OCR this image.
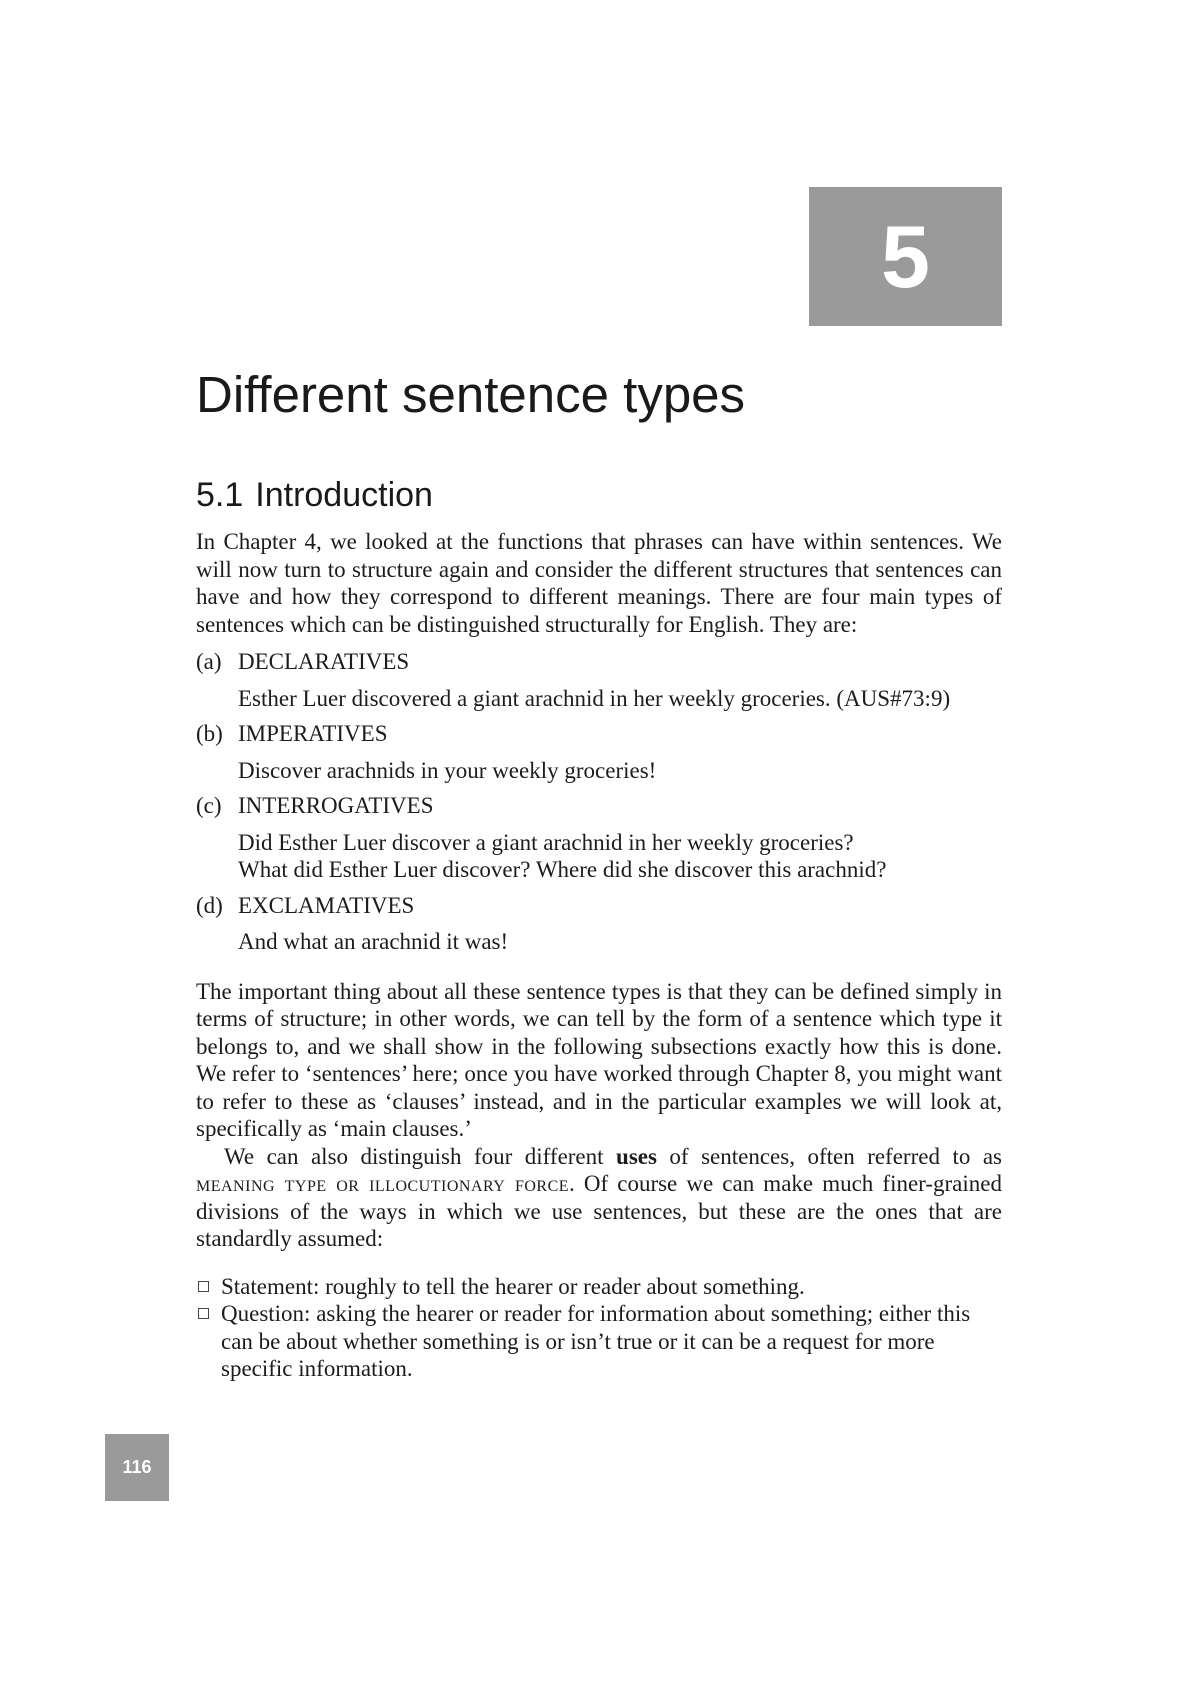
5
Different sentence types
5.1 Introduction

In Chapter 4, we looked at the functions that phrases can have within sentences. We will now turn to structure again and consider the different structures that sentences can have and how they correspond to different meanings. There are four main types of sentences which can be distinguished structurally for English. They are:

(a) DECLARATIVES
Esther Luer discovered a giant arachnid in her weekly groceries. (AUS#73:9)
(b) IMPERATIVES
Discover arachnids in your weekly groceries!
(c) INTERROGATIVES
Did Esther Luer discover a giant arachnid in her weekly groceries?
What did Esther Luer discover? Where did she discover this arachnid?
(d) EXCLAMATIVES
And what an arachnid it was!

The important thing about all these sentence types is that they can be defined simply in terms of structure; in other words, we can tell by the form of a sentence which type it belongs to, and we shall show in the following subsections exactly how this is done. We refer to ‘sentences’ here; once you have worked through Chapter 8, you might want to refer to these as ‘clauses’ instead, and in the particular examples we will look at, specifically as ‘main clauses.’

We can also distinguish four different uses of sentences, often referred to as meaning type or illocutionary force. Of course we can make much finer-grained divisions of the ways in which we use sentences, but these are the ones that are standardly assumed:

Statement: roughly to tell the hearer or reader about something.
Question: asking the hearer or reader for information about something; either this can be about whether something is or isn’t true or it can be a request for more specific information.
116
